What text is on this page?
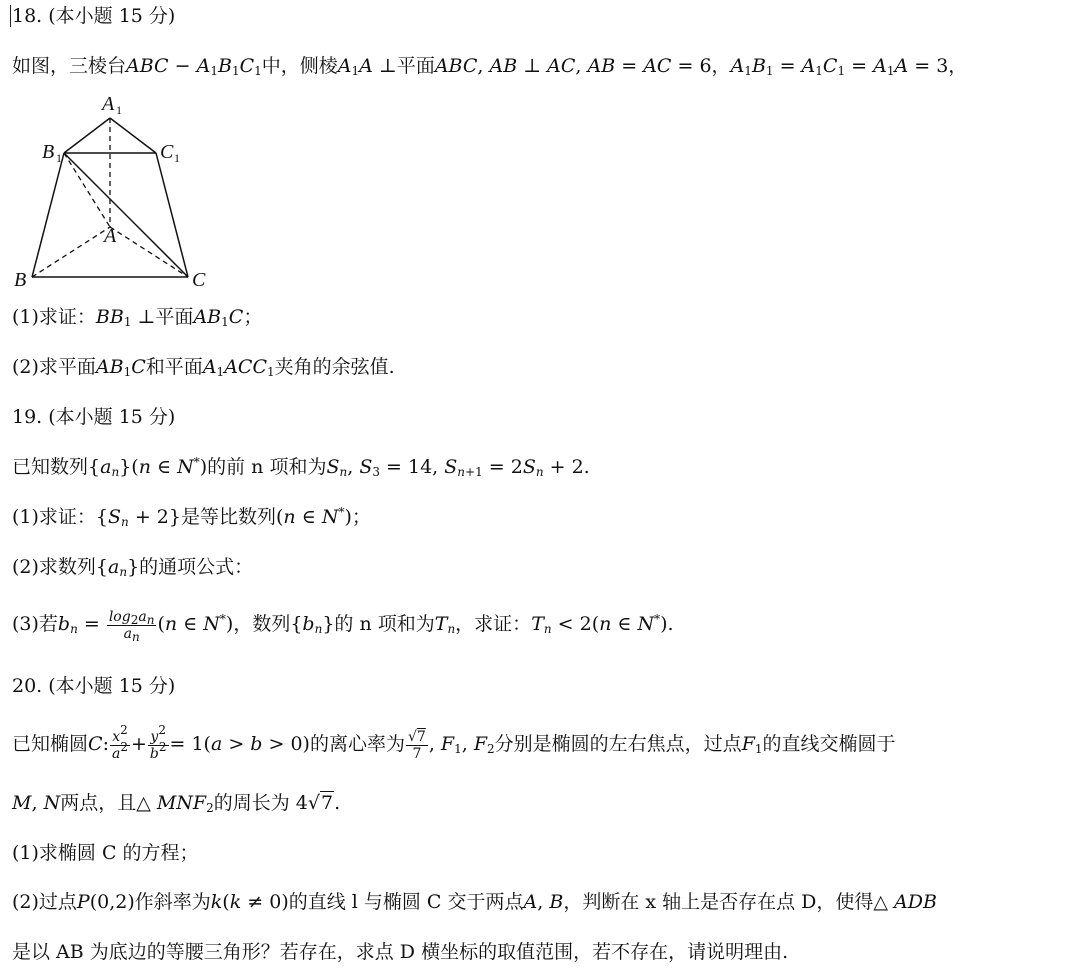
18. (本小题 15 分)
如图，三棱台ABC − $A_1B_1C_1$中，侧棱$A_1A$ ⊥平面ABC, AB ⊥ AC, AB = AC = 6，$A_1B_1 = A_1C_1 = A_1A = 3$，
A 1
B 1	C 1
A
B	C
(1)求证：$BB_1$ ⊥平面$AB_1C$；
(2)求平面$AB_1C$和平面$A_1ACC_1$夹角的余弦值.
19. (本小题 15 分)
已知数列$\{a_n\}(n$ ∈ N*)的前 n 项和为$S_n$, $S_3 = 14$, $S_{n+1} = 2S_n + 2$.
(1)求证：$\{S_n + 2\}$是等比数列(n ∈ N*)；
(2)求数列$\{a_n\}$的通项公式：
(3)若$b_n = \frac{\log_2a_n}{a_n} (n$ ∈ N*)，数列$\{b_n\}$的 n 项和为$T_n$，求证：$T_n < 2(n$ ∈ N*).
20. (本小题 15 分)
已知椭圆C: $\frac{x^2}{a^2} + \frac{y^2}{b^2} = 1(a > b > 0)$的离心率为 $\frac{√7}{7}$ , $F_1$, $F_2$分别是椭圆的左右焦点，过点$F_1$的直线交椭圆于
M, N两点，且△ $MNF_2$的周长为 4√7.
(1)求椭圆 C 的方程；
(2)过点P(0,2)作斜率为k(k ≠ 0)的直线 l 与椭圆 C 交于两点A, B，判断在 x 轴上是否存在点 D，使得△ ADB
是以 AB 为底边的等腰三角形？若存在，求点 D 横坐标的取值范围，若不存在，请说明理由.
